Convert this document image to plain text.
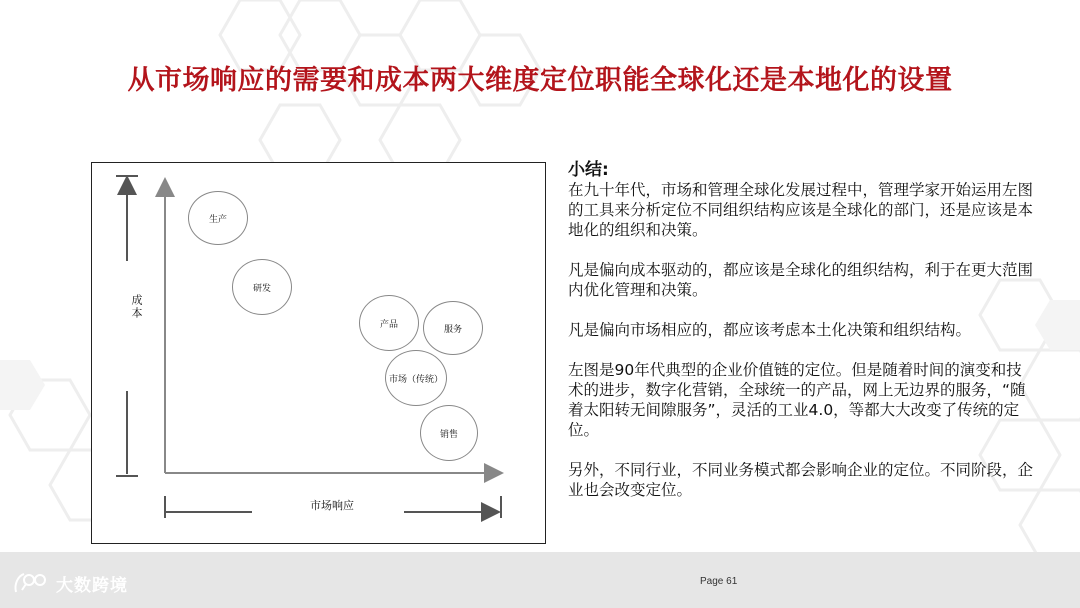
从市场响应的需要和成本两大维度定位职能全球化还是本地化的设置
成本
市场响应
生产
研发
产品	服务
市场（传统）
销售
小结:

在九十年代，市场和管理全球化发展过程中，管理学家开始运用左图的工具来分析定位不同组织结构应该是全球化的部门，还是应该是本地化的组织和决策。

凡是偏向成本驱动的，都应该是全球化的组织结构，利于在更大范围内优化管理和决策。

凡是偏向市场相应的，都应该考虑本土化决策和组织结构。

左图是90年代典型的企业价值链的定位。但是随着时间的演变和技术的进步，数字化营销，全球统一的产品，网上无边界的服务，“随着太阳转无间隙服务”，灵活的工业4.0，等都大大改变了传统的定位。

另外，不同行业，不同业务模式都会影响企业的定位。不同阶段，企业也会改变定位。

大数跨境	Page 61
